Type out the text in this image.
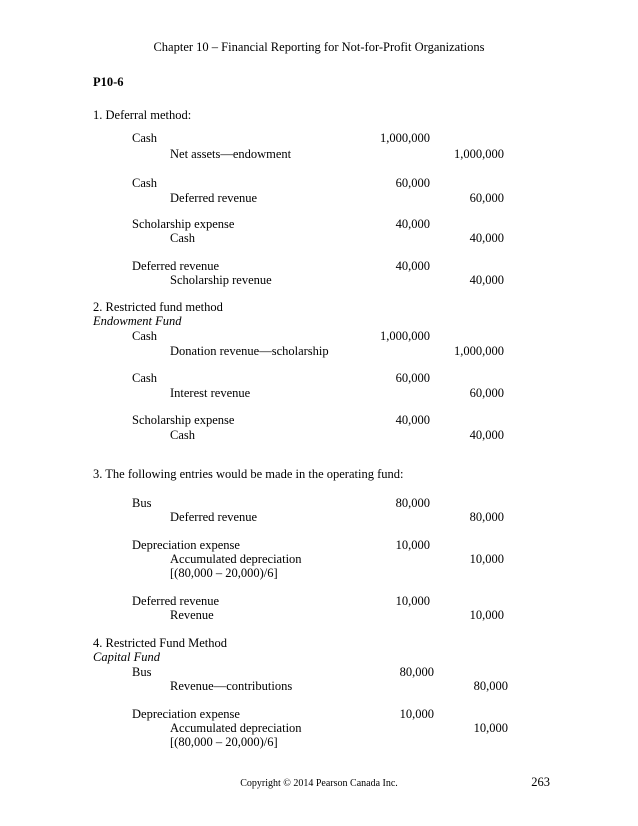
Chapter 10 – Financial Reporting for Not-for-Profit Organizations
P10-6
1. Deferral method:
Cash	1,000,000
Net assets—endowment	1,000,000
Cash	60,000
Deferred revenue	60,000
Scholarship expense	40,000
Cash	40,000
Deferred revenue	40,000
Scholarship revenue	40,000
2. Restricted fund method
Endowment Fund
Cash	1,000,000
Donation revenue—scholarship	1,000,000
Cash	60,000
Interest revenue	60,000
Scholarship expense	40,000
Cash	40,000
3. The following entries would be made in the operating fund:
Bus	80,000
Deferred revenue	80,000
Depreciation expense	10,000
Accumulated depreciation	10,000
[(80,000 – 20,000)/6]
Deferred revenue	10,000
Revenue	10,000
4. Restricted Fund Method
Capital Fund
Bus	80,000
Revenue—contributions	80,000
Depreciation expense	10,000
Accumulated depreciation	10,000
[(80,000 – 20,000)/6]
Copyright © 2014 Pearson Canada Inc.	263
